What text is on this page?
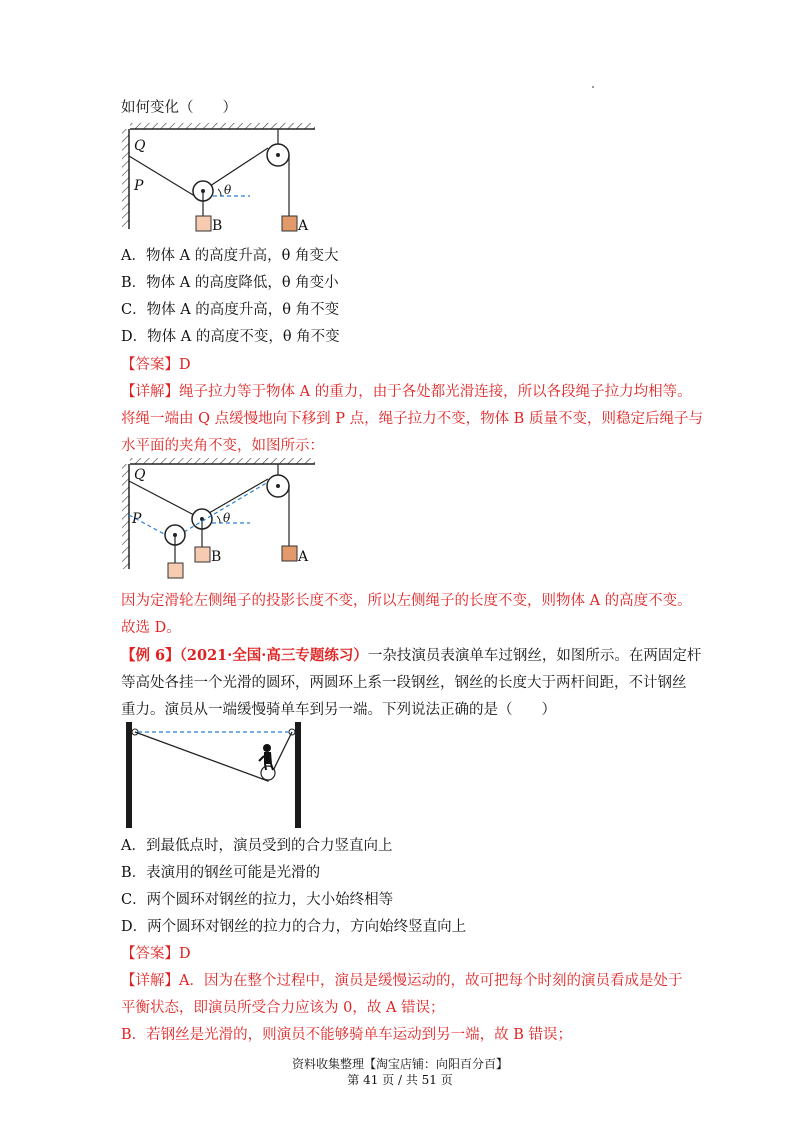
如何变化（　　）
Q
P	θ
B	A
A．物体 A 的高度升高，θ 角变大
B．物体 A 的高度降低，θ 角变小
C．物体 A 的高度升高，θ 角不变
D．物体 A 的高度不变，θ 角不变
【答案】D
【详解】绳子拉力等于物体 A 的重力，由于各处都光滑连接，所以各段绳子拉力均相等。
将绳一端由 Q 点缓慢地向下移到 P 点，绳子拉力不变，物体 B 质量不变，则稳定后绳子与
水平面的夹角不变，如图所示：
Q
P	θ
B	A
因为定滑轮左侧绳子的投影长度不变，所以左侧绳子的长度不变，则物体 A 的高度不变。
故选 D。
【例 6】（2021·全国·高三专题练习）一杂技演员表演单车过钢丝，如图所示。在两固定杆
等高处各挂一个光滑的圆环，两圆环上系一段钢丝，钢丝的长度大于两杆间距，不计钢丝
重力。演员从一端缓慢骑单车到另一端。下列说法正确的是（　　）
A．到最低点时，演员受到的合力竖直向上
B．表演用的钢丝可能是光滑的
C．两个圆环对钢丝的拉力，大小始终相等
D．两个圆环对钢丝的拉力的合力，方向始终竖直向上
【答案】D
【详解】A．因为在整个过程中，演员是缓慢运动的，故可把每个时刻的演员看成是处于
平衡状态，即演员所受合力应该为 0，故 A 错误；
B．若钢丝是光滑的，则演员不能够骑单车运动到另一端，故 B 错误；
资料收集整理【淘宝店铺：向阳百分百】
第 41 页 / 共 51 页
